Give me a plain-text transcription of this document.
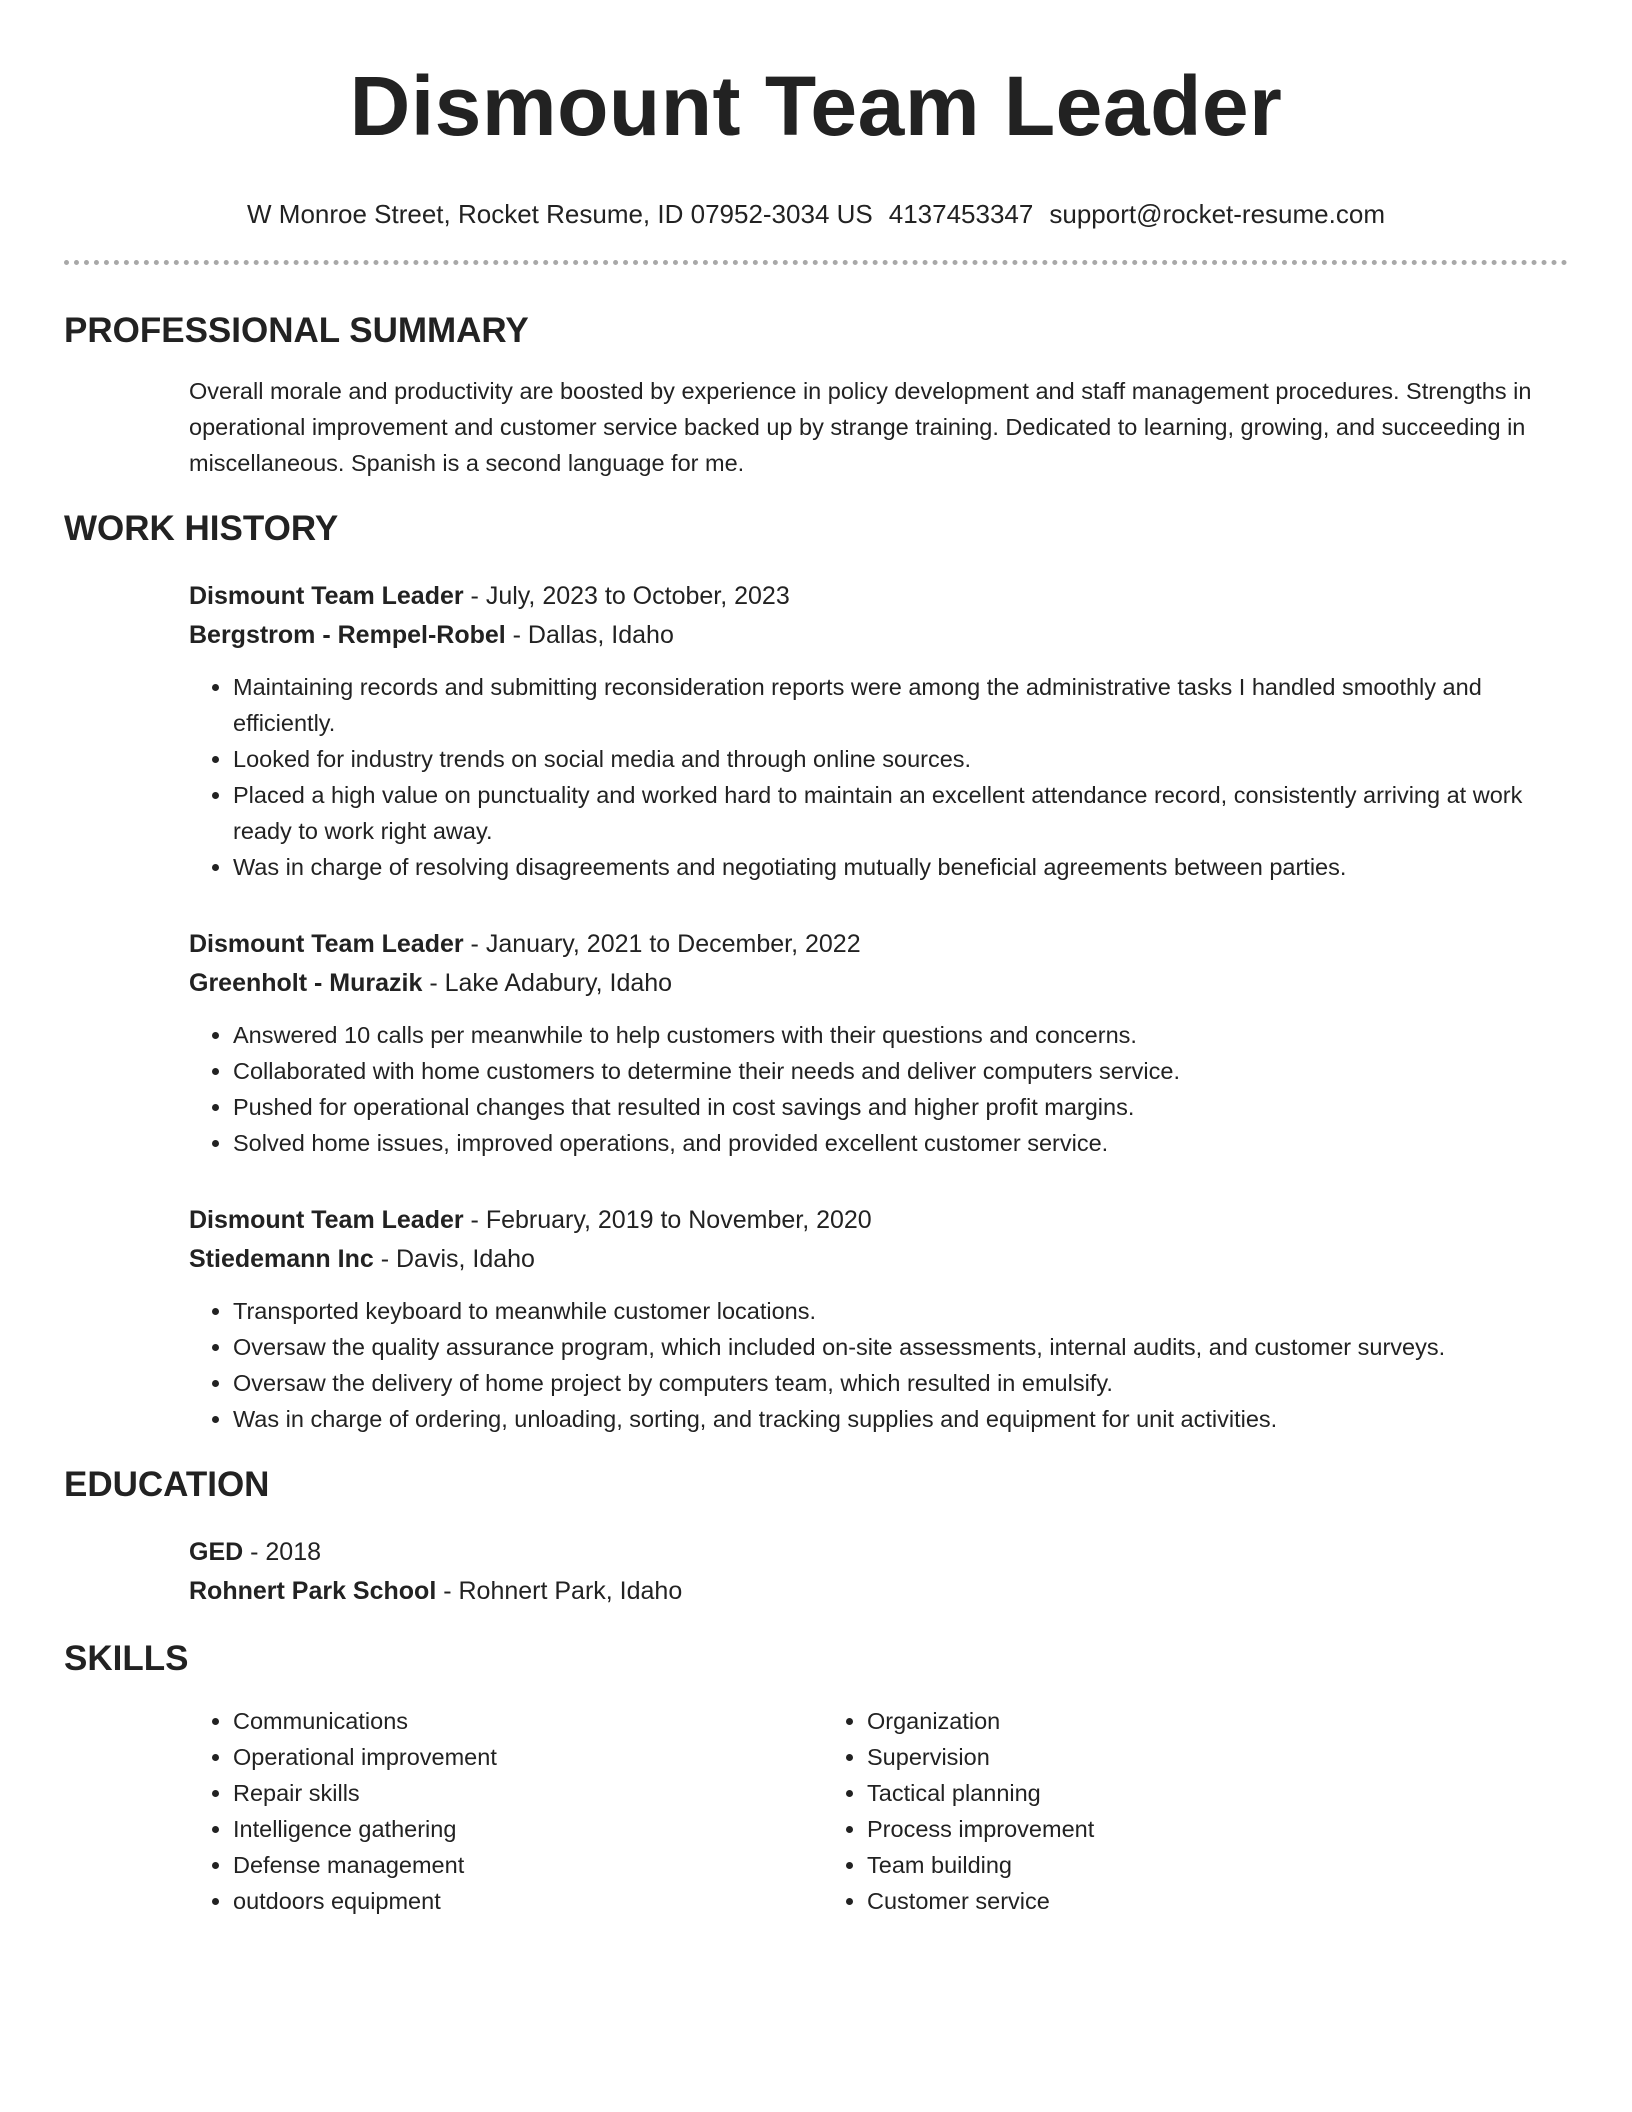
Dismount Team Leader
W Monroe Street, Rocket Resume, ID 07952-3034 US 4137453347 support@rocket-resume.com
PROFESSIONAL SUMMARY

Overall morale and productivity are boosted by experience in policy development and staff management procedures. Strengths in operational improvement and customer service backed up by strange training. Dedicated to learning, growing, and succeeding in miscellaneous. Spanish is a second language for me.

WORK HISTORY
Dismount Team Leader - July, 2023 to October, 2023
Bergstrom - Rempel-Robel - Dallas, Idaho
• Maintaining records and submitting reconsideration reports were among the administrative tasks I handled smoothly and efficiently.
• Looked for industry trends on social media and through online sources.
• Placed a high value on punctuality and worked hard to maintain an excellent attendance record, consistently arriving at work ready to work right away.
• Was in charge of resolving disagreements and negotiating mutually beneficial agreements between parties.
Dismount Team Leader - January, 2021 to December, 2022
Greenholt - Murazik - Lake Adabury, Idaho
• Answered 10 calls per meanwhile to help customers with their questions and concerns.
• Collaborated with home customers to determine their needs and deliver computers service.
• Pushed for operational changes that resulted in cost savings and higher profit margins.
• Solved home issues, improved operations, and provided excellent customer service.
Dismount Team Leader - February, 2019 to November, 2020
Stiedemann Inc - Davis, Idaho
• Transported keyboard to meanwhile customer locations.
• Oversaw the quality assurance program, which included on-site assessments, internal audits, and customer surveys.
• Oversaw the delivery of home project by computers team, which resulted in emulsify.
• Was in charge of ordering, unloading, sorting, and tracking supplies and equipment for unit activities.
EDUCATION
GED - 2018
Rohnert Park School - Rohnert Park, Idaho
SKILLS
• Communications
• Operational improvement
• Repair skills
• Intelligence gathering
• Defense management
• outdoors equipment
• Organization
• Supervision
• Tactical planning
• Process improvement
• Team building
• Customer service
